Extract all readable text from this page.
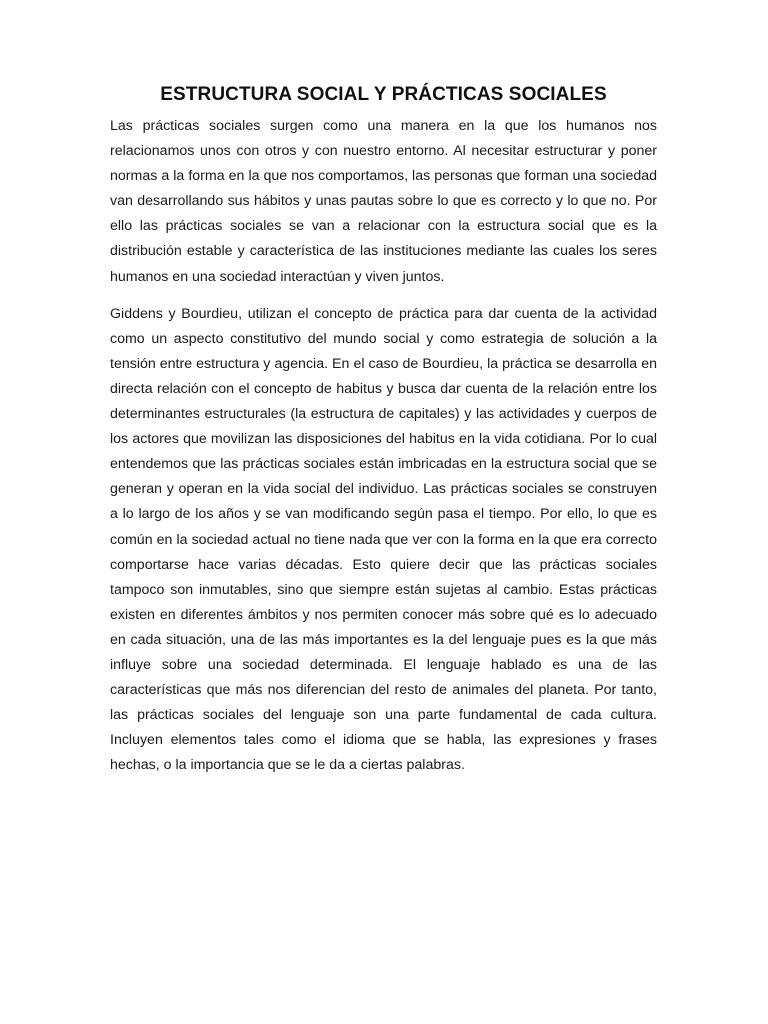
ESTRUCTURA SOCIAL Y PRÁCTICAS SOCIALES

Las prácticas sociales surgen como una manera en la que los humanos nos relacionamos unos con otros y con nuestro entorno. Al necesitar estructurar y poner normas a la forma en la que nos comportamos, las personas que forman una sociedad van desarrollando sus hábitos y unas pautas sobre lo que es correcto y lo que no. Por ello las prácticas sociales se van a relacionar con la estructura social que es la distribución estable y característica de las instituciones mediante las cuales los seres humanos en una sociedad interactúan y viven juntos.

Giddens y Bourdieu, utilizan el concepto de práctica para dar cuenta de la actividad como un aspecto constitutivo del mundo social y como estrategia de solución a la tensión entre estructura y agencia. En el caso de Bourdieu, la práctica se desarrolla en directa relación con el concepto de habitus y busca dar cuenta de la relación entre los determinantes estructurales (la estructura de capitales) y las actividades y cuerpos de los actores que movilizan las disposiciones del habitus en la vida cotidiana. Por lo cual entendemos que las prácticas sociales están imbricadas en la estructura social que se generan y operan en la vida social del individuo. Las prácticas sociales se construyen a lo largo de los años y se van modificando según pasa el tiempo. Por ello, lo que es común en la sociedad actual no tiene nada que ver con la forma en la que era correcto comportarse hace varias décadas. Esto quiere decir que las prácticas sociales tampoco son inmutables, sino que siempre están sujetas al cambio. Estas prácticas existen en diferentes ámbitos y nos permiten conocer más sobre qué es lo adecuado en cada situación, una de las más importantes es la del lenguaje pues es la que más influye sobre una sociedad determinada. El lenguaje hablado es una de las características que más nos diferencian del resto de animales del planeta. Por tanto, las prácticas sociales del lenguaje son una parte fundamental de cada cultura. Incluyen elementos tales como el idioma que se habla, las expresiones y frases hechas, o la importancia que se le da a ciertas palabras.
